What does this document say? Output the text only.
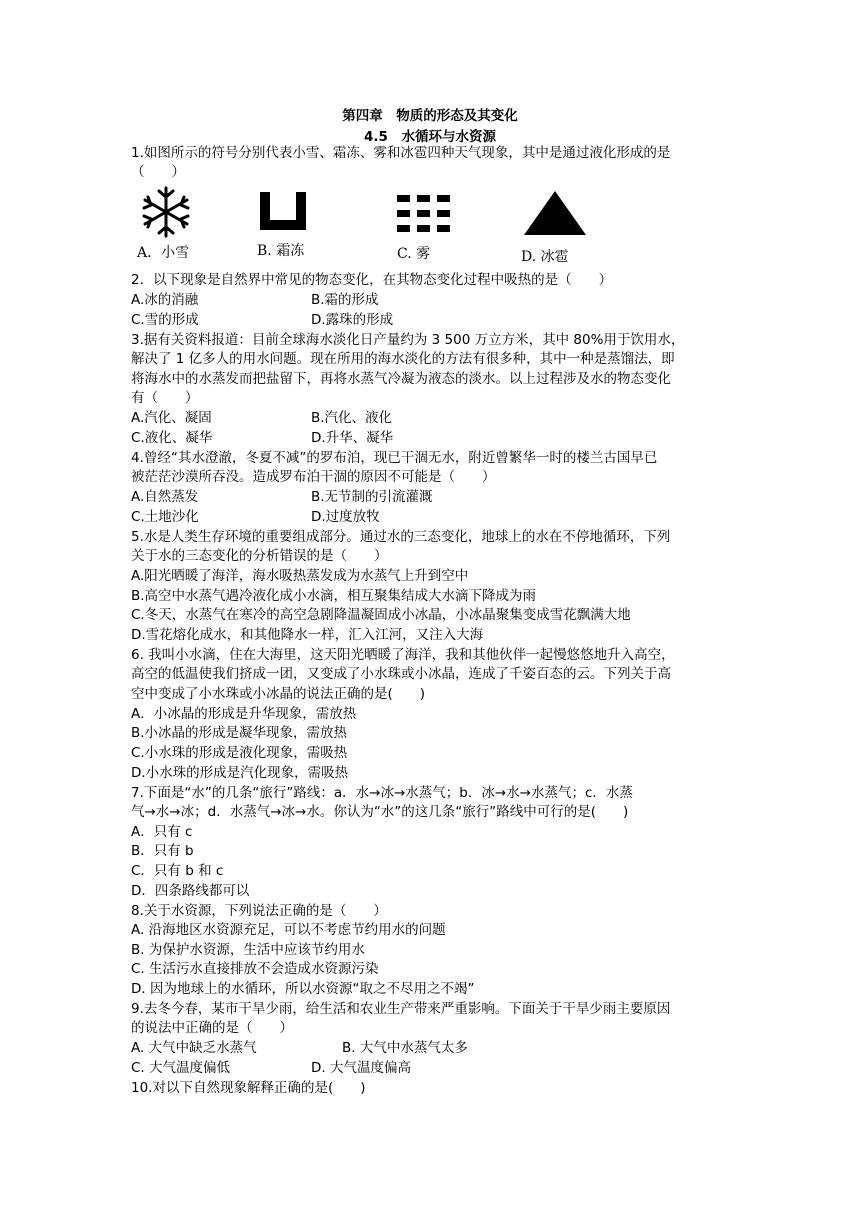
第四章　物质的形态及其变化
4.5　水循环与水资源
1.如图所示的符号分别代表小雪、霜冻、雾和冰雹四种天气现象，其中是通过液化形成的是
（　　）
A．小雪	B. 霜冻	C. 雾	D. 冰雹
2．以下现象是自然界中常见的物态变化，在其物态变化过程中吸热的是（　　）
A.冰的消融	B.霜的形成
C.雪的形成	D.露珠的形成
3.据有关资料报道：目前全球海水淡化日产量约为 3 500 万立方米，其中 80%用于饮用水，
解决了 1 亿多人的用水问题。现在所用的海水淡化的方法有很多种，其中一种是蒸馏法，即
将海水中的水蒸发而把盐留下，再将水蒸气冷凝为液态的淡水。以上过程涉及水的物态变化
有（　　）
A.汽化、凝固	B.汽化、液化
C.液化、凝华	D.升华、凝华
4.曾经“其水澄澈，冬夏不减”的罗布泊，现已干涸无水，附近曾繁华一时的楼兰古国早已
被茫茫沙漠所吞没。造成罗布泊干涸的原因不可能是（　　）
A.自然蒸发	B.无节制的引流灌溉
C.土地沙化	D.过度放牧
5.水是人类生存环境的重要组成部分。通过水的三态变化，地球上的水在不停地循环，下列
关于水的三态变化的分析错误的是（　　）
A.阳光晒暖了海洋，海水吸热蒸发成为水蒸气上升到空中
B.高空中水蒸气遇冷液化成小水滴，相互聚集结成大水滴下降成为雨
C.冬天，水蒸气在寒冷的高空急剧降温凝固成小冰晶，小冰晶聚集变成雪花飘满大地
D.雪花熔化成水，和其他降水一样，汇入江河，又注入大海
6. 我叫小水滴，住在大海里，这天阳光晒暖了海洋，我和其他伙伴一起慢悠悠地升入高空，
高空的低温使我们挤成一团，又变成了小水珠或小冰晶，连成了千姿百态的云。下列关于高
空中变成了小水珠或小冰晶的说法正确的是(　　)
A．小冰晶的形成是升华现象，需放热
B.小冰晶的形成是凝华现象，需放热
C.小水珠的形成是液化现象，需吸热
D.小水珠的形成是汽化现象，需吸热
7.下面是“水”的几条“旅行”路线：a．水→冰→水蒸气；b．冰→水→水蒸气；c．水蒸
气→水→冰；d．水蒸气→冰→水。你认为“水”的这几条“旅行”路线中可行的是(　　)
A．只有 c
B．只有 b
C．只有 b 和 c
D．四条路线都可以
8.关于水资源，下列说法正确的是（　　）
A. 沿海地区水资源充足，可以不考虑节约用水的问题
B. 为保护水资源，生活中应该节约用水
C. 生活污水直接排放不会造成水资源污染
D. 因为地球上的水循环，所以水资源“取之不尽用之不竭”
9.去冬今春，某市干旱少雨，给生活和农业生产带来严重影响。下面关于干旱少雨主要原因
的说法中正确的是（　　）
A. 大气中缺乏水蒸气	B. 大气中水蒸气太多
C. 大气温度偏低	D. 大气温度偏高
10.对以下自然现象解释正确的是(　　)
